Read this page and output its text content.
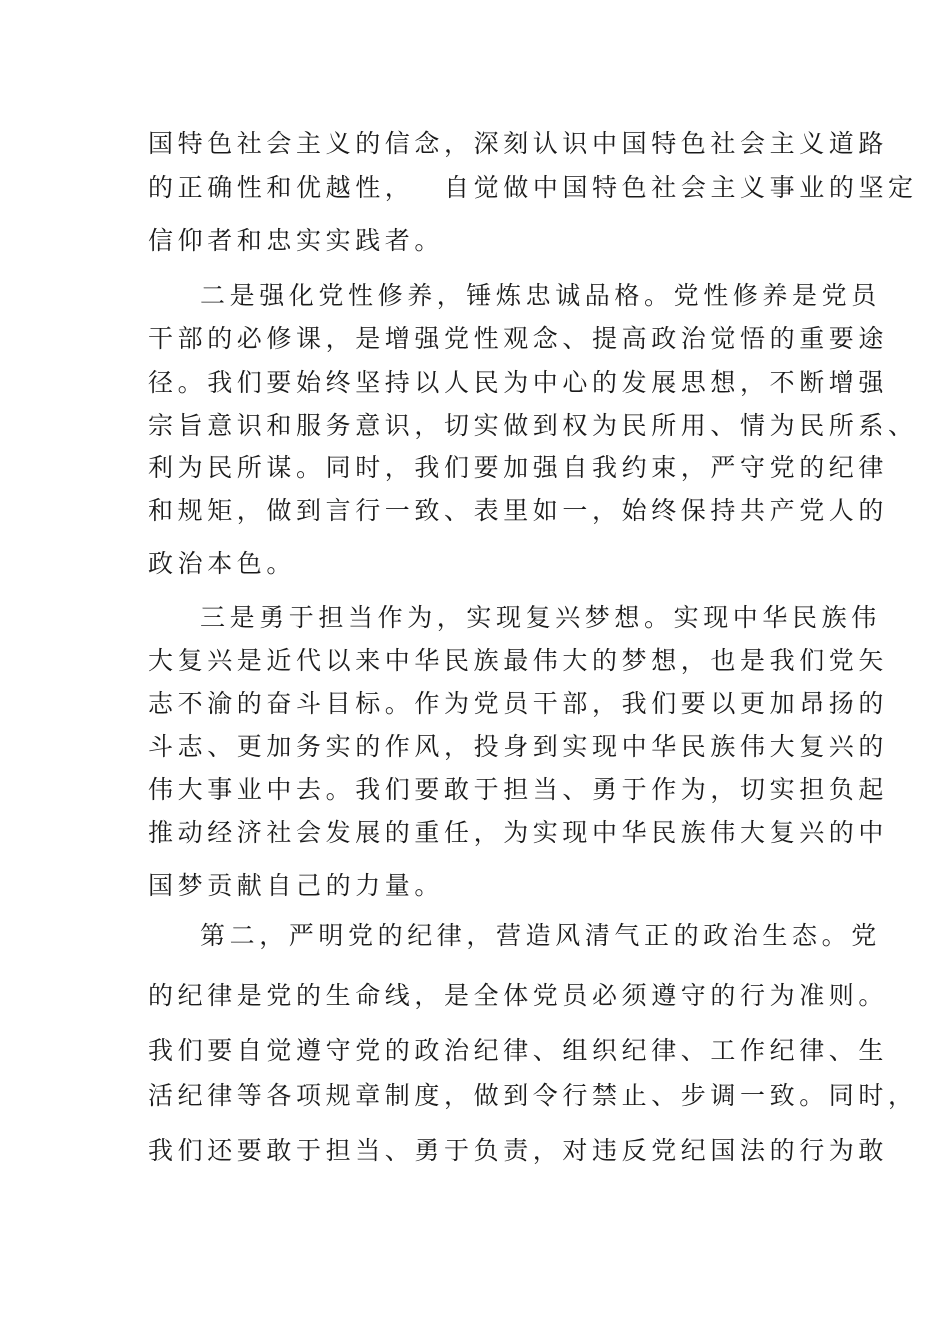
国特色社会主义的信念，深刻认识中国特色社会主义道路
的正确性和优越性，　 自觉做中国特色社会主义事业的坚定
信仰者和忠实实践者。
二是强化党性修养，锤炼忠诚品格。党性修养是党员
干部的必修课，是增强党性观念、提高政治觉悟的重要途
径。我们要始终坚持以人民为中心的发展思想，不断增强
宗旨意识和服务意识，切实做到权为民所用、情为民所系、
利为民所谋。同时，我们要加强自我约束，严守党的纪律
和规矩，做到言行一致、表里如一，始终保持共产党人的
政治本色。
三是勇于担当作为，实现复兴梦想。实现中华民族伟
大复兴是近代以来中华民族最伟大的梦想，也是我们党矢
志不渝的奋斗目标。作为党员干部，我们要以更加昂扬的
斗志、更加务实的作风，投身到实现中华民族伟大复兴的
伟大事业中去。我们要敢于担当、勇于作为，切实担负起
推动经济社会发展的重任，为实现中华民族伟大复兴的中
国梦贡献自己的力量。
第二，严明党的纪律，营造风清气正的政治生态。党
的纪律是党的生命线，是全体党员必须遵守的行为准则。
我们要自觉遵守党的政治纪律、组织纪律、工作纪律、生
活纪律等各项规章制度，做到令行禁止、步调一致。同时，
我们还要敢于担当、勇于负责，对违反党纪国法的行为敢
